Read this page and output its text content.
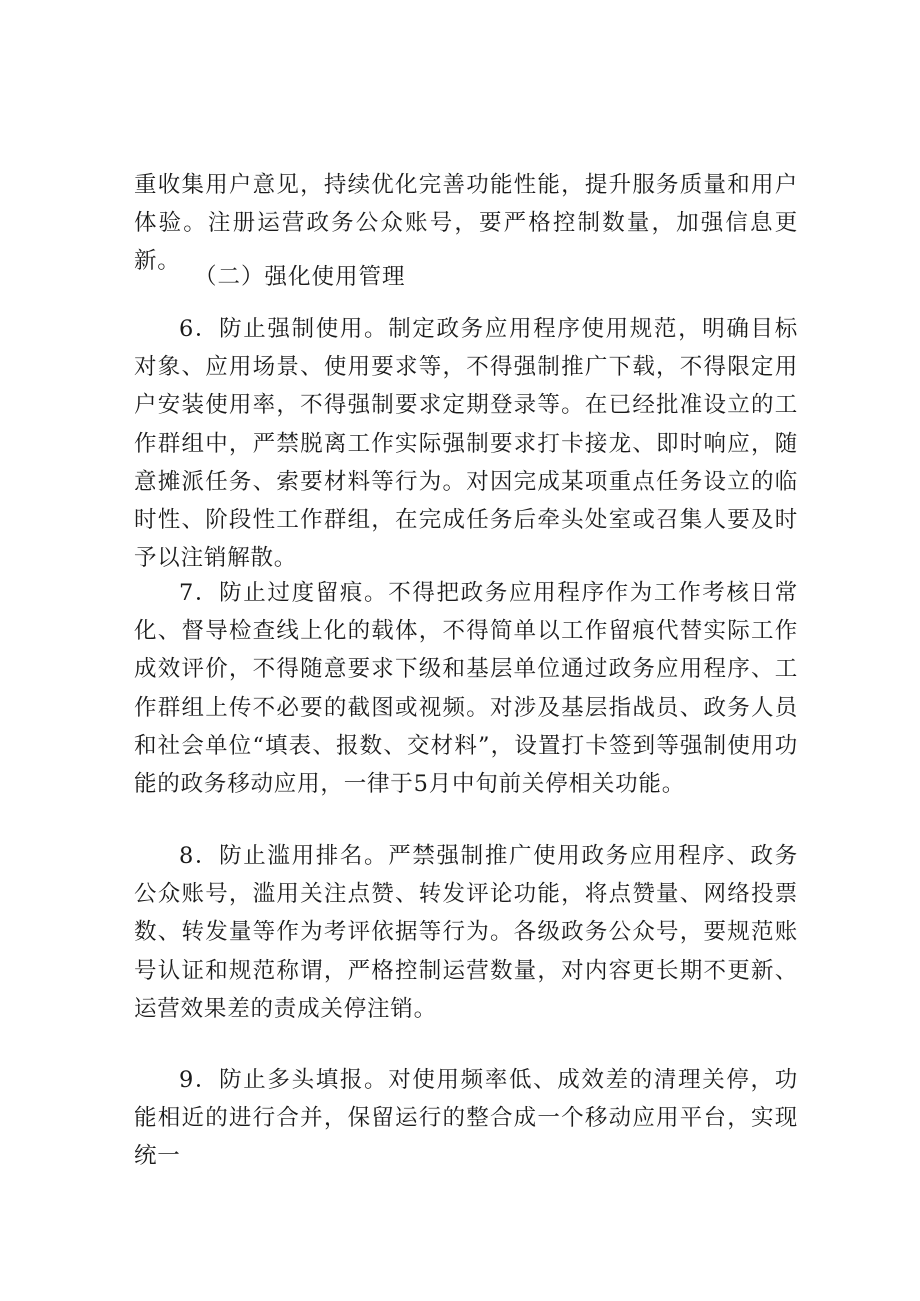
重收集用户意见，持续优化完善功能性能，提升服务质量和用户体验。注册运营政务公众账号，要严格控制数量，加强信息更新。
（二）强化使用管理
6．防止强制使用。制定政务应用程序使用规范，明确目标对象、应用场景、使用要求等，不得强制推广下载，不得限定用户安装使用率，不得强制要求定期登录等。在已经批准设立的工作群组中，严禁脱离工作实际强制要求打卡接龙、即时响应，随意摊派任务、索要材料等行为。对因完成某项重点任务设立的临时性、阶段性工作群组，在完成任务后牵头处室或召集人要及时予以注销解散。
7．防止过度留痕。不得把政务应用程序作为工作考核日常化、督导检查线上化的载体，不得简单以工作留痕代替实际工作成效评价，不得随意要求下级和基层单位通过政务应用程序、工作群组上传不必要的截图或视频。对涉及基层指战员、政务人员和社会单位“填表、报数、交材料”，设置打卡签到等强制使用功能的政务移动应用，一律于5月中旬前关停相关功能。
8．防止滥用排名。严禁强制推广使用政务应用程序、政务公众账号，滥用关注点赞、转发评论功能，将点赞量、网络投票数、转发量等作为考评依据等行为。各级政务公众号，要规范账号认证和规范称谓，严格控制运营数量，对内容更长期不更新、运营效果差的责成关停注销。
9．防止多头填报。对使用频率低、成效差的清理关停，功能相近的进行合并，保留运行的整合成一个移动应用平台，实现统一
